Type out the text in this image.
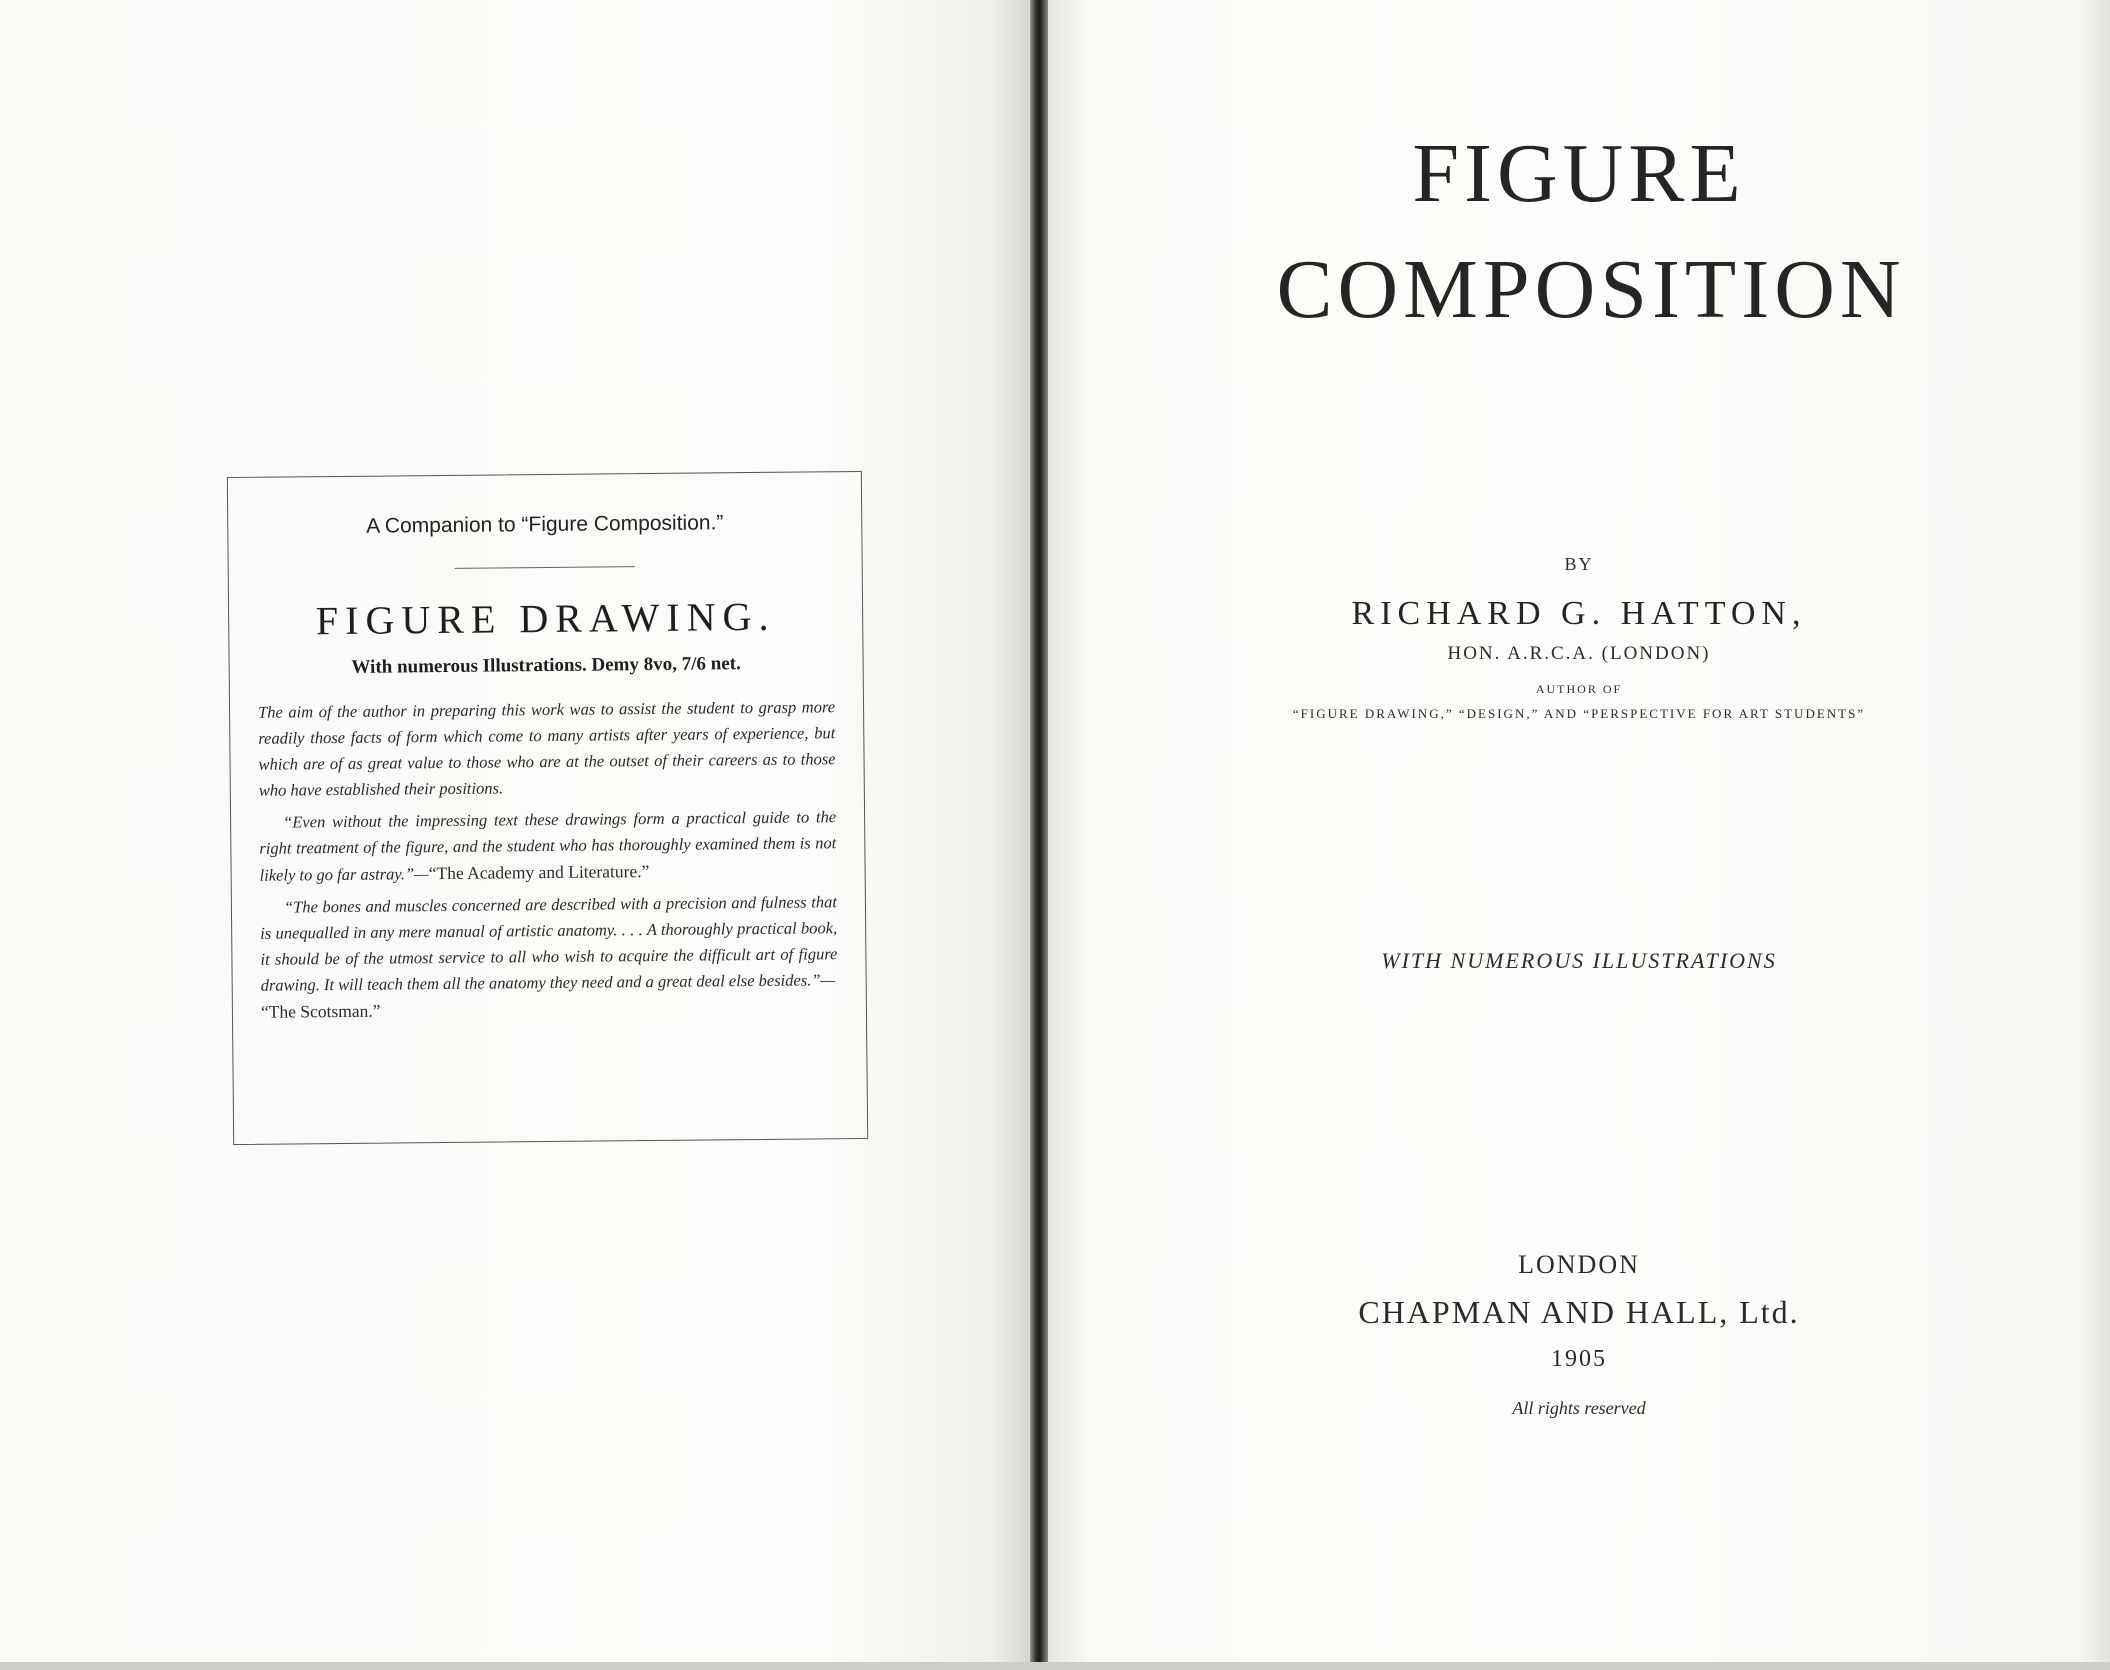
A Companion to “Figure Composition.”
FIGURE DRAWING.
With numerous Illustrations. Demy 8vo, 7/6 net.

The aim of the author in preparing this work was to assist the student to grasp more readily those facts of form which come to many artists after years of experience, but which are of as great value to those who are at the outset of their careers as to those who have established their positions.

“Even without the impressing text these drawings form a practical guide to the right treatment of the figure, and the student who has thoroughly examined them is not likely to go far astray.”—“The Academy and Literature.”

“The bones and muscles concerned are described with a precision and fulness that is unequalled in any mere manual of artistic anatomy. . . . A thoroughly practical book, it should be of the utmost service to all who wish to acquire the difficult art of figure drawing. It will teach them all the anatomy they need and a great deal else besides.”—
“The Scotsman.”

FIGURE
COMPOSITION
BY
RICHARD G. HATTON,
HON. A.R.C.A. (LONDON)
AUTHOR OF
“FIGURE DRAWING,” “DESIGN,” AND “PERSPECTIVE FOR ART STUDENTS”
WITH NUMEROUS ILLUSTRATIONS
LONDON
CHAPMAN AND HALL, Ltd.
1905
All rights reserved
